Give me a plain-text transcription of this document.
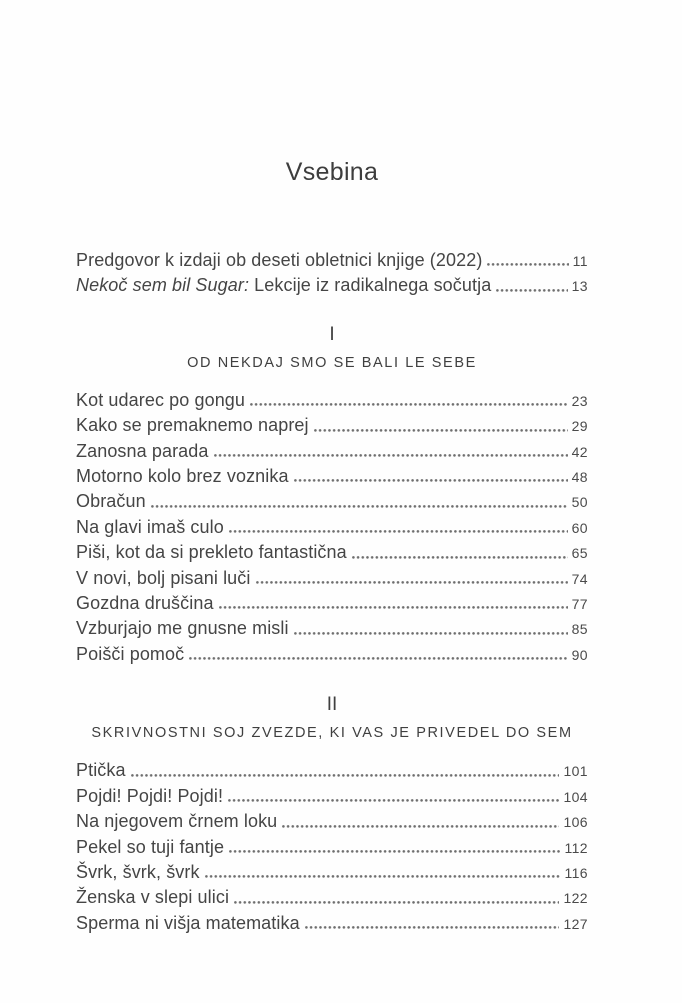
Vsebina
Predgovor k izdaji ob deseti obletnici knjige (2022)	11
Nekoč sem bil Sugar: Lekcije iz radikalnega sočutja	13
I
OD NEKDAJ SMO SE BALI LE SEBE
Kot udarec po gongu	23
Kako se premaknemo naprej	29
Zanosna parada	42
Motorno kolo brez voznika	48
Obračun	50
Na glavi imaš culo	60
Piši, kot da si prekleto fantastična	65
V novi, bolj pisani luči	74
Gozdna druščina	77
Vzburjajo me gnusne misli	85
Poišči pomoč	90
II
SKRIVNOSTNI SOJ ZVEZDE, KI VAS JE PRIVEDEL DO SEM
Ptička	101
Pojdi! Pojdi! Pojdi!	104
Na njegovem črnem loku	106
Pekel so tuji fantje	112
Švrk, švrk, švrk	116
Ženska v slepi ulici	122
Sperma ni višja matematika	127
